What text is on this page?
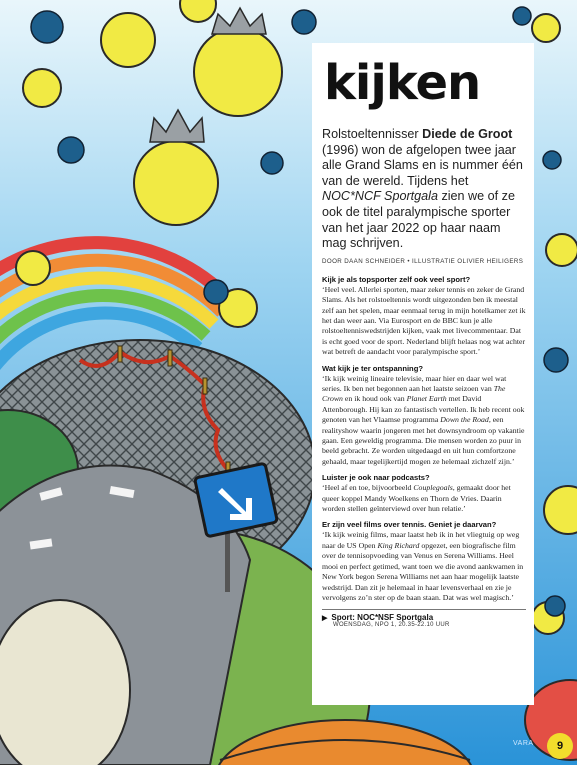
kijken

Rolstoeltennisser Diede de Groot (1996) won de afgelopen twee jaar alle Grand Slams en is nummer één van de wereld. Tijdens het NOC*NCF Sportgala zien we of ze ook de titel paralympische sporter van het jaar 2022 op haar naam mag schrijven.

DOOR DAAN SCHNEIDER • ILLUSTRATIE OLIVIER HEILIGERS
Kijk je als topsporter zelf ook veel sport?

‘Heel veel. Allerlei sporten, maar zeker tennis en zeker de Grand Slams. Als het rolstoeltennis wordt uitgezonden ben ik meestal zelf aan het spelen, maar eenmaal terug in mijn hotelkamer zet ik het dan weer aan. Via Eurosport en de BBC kun je alle rolstoeltenniswedstrijden kijken, vaak met livecommentaar. Dat is echt goed voor de sport. Nederland blijft helaas nog wat achter wat betreft de aandacht voor paralympische sport.’

Wat kijk je ter ontspanning?

‘Ik kijk weinig lineaire televisie, maar hier en daar wel wat series. Ik ben net begonnen aan het laatste seizoen van The Crown en ik houd ook van Planet Earth met David Attenborough. Hij kan zo fantastisch vertellen. Ik heb recent ook genoten van het Vlaamse programma Down the Road, een realityshow waarin jongeren met het downsyndroom op vakantie gaan. Een geweldig programma. Die mensen worden zo puur in beeld gebracht. Ze worden uitgedaagd en uit hun comfortzone gehaald, maar tegelijkertijd mogen ze helemaal zichzelf zijn.’

Luister je ook naar podcasts?

‘Heel af en toe, bijvoorbeeld Couplegoals, gemaakt door het queer koppel Mandy Woelkens en Thorn de Vries. Daarin worden stellen geïnterviewd over hun relatie.’

Er zijn veel films over tennis. Geniet je daarvan?

‘Ik kijk weinig films, maar laatst heb ik in het vliegtuig op weg naar de US Open King Richard opgezet, een biografische film over de tennisopvoeding van Venus en Serena Williams. Heel mooi en perfect getimed, want toen we die avond aankwamen in New York begon Serena Williams net aan haar mogelijk laatste wedstrijd. Dan zit je helemaal in haar levensverhaal en zie je vervolgens zo’n ster op de baan staan. Dat was wel magisch.’

▶ Sport: NOC*NSF Sportgala
WOENSDAG, NPO 1, 20.35-22.10 UUR
VARA	9
